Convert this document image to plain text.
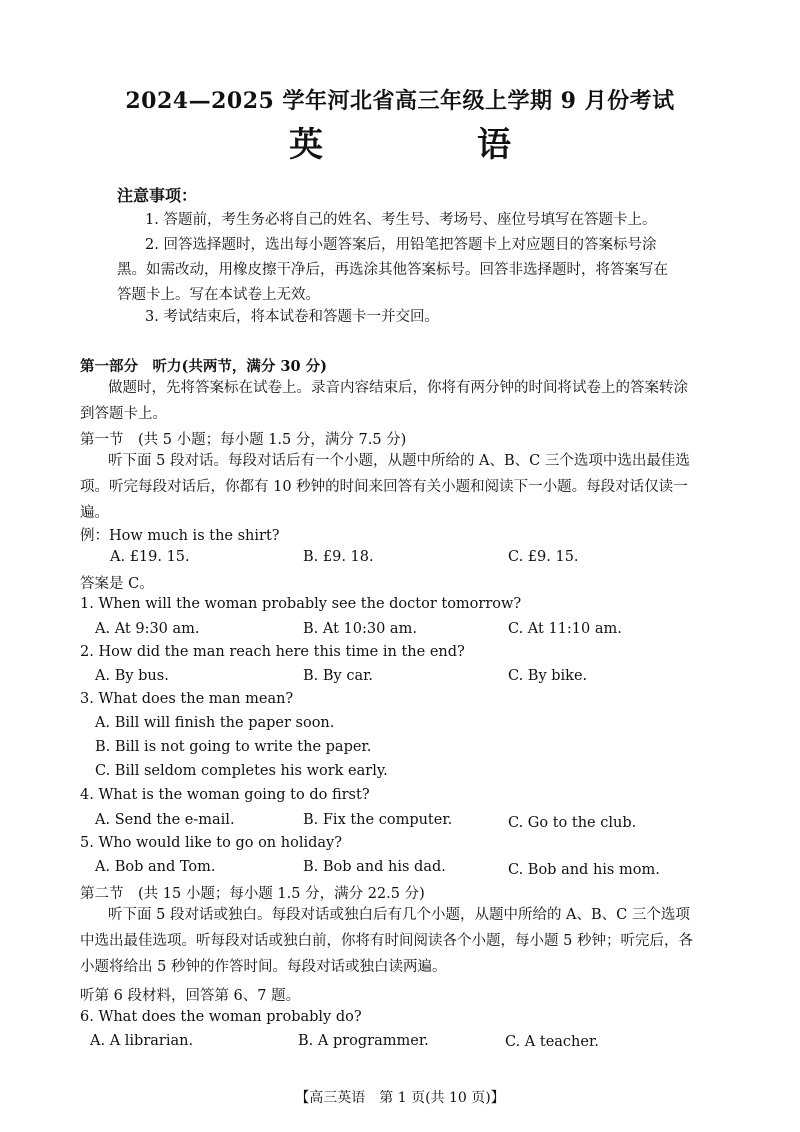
2024—2025 学年河北省高三年级上学期 9 月份考试
英　语
注意事项：

1. 答题前，考生务必将自己的姓名、考生号、考场号、座位号填写在答题卡上。

2. 回答选择题时，选出每小题答案后，用铅笔把答题卡上对应题目的答案标号涂黑。如需改动，用橡皮擦干净后，再选涂其他答案标号。回答非选择题时，将答案写在答题卡上。写在本试卷上无效。

3. 考试结束后，将本试卷和答题卡一并交回。

第一部分　听力(共两节，满分 30 分)

做题时，先将答案标在试卷上。录音内容结束后，你将有两分钟的时间将试卷上的答案转涂到答题卡上。

第一节　(共 5 小题；每小题 1.5 分，满分 7.5 分)

听下面 5 段对话。每段对话后有一个小题，从题中所给的 A、B、C 三个选项中选出最佳选项。听完每段对话后，你都有 10 秒钟的时间来回答有关小题和阅读下一小题。每段对话仅读一遍。

例：How much is the shirt?
A. £19. 15.	B. £9. 18.	C. £9. 15.
答案是 C。
1. When will the woman probably see the doctor tomorrow?
A. At 9:30 am.	B. At 10:30 am.	C. At 11:10 am.
2. How did the man reach here this time in the end?
A. By bus.	B. By car.	C. By bike.
3. What does the man mean?
A. Bill will finish the paper soon.
B. Bill is not going to write the paper.
C. Bill seldom completes his work early.
4. What is the woman going to do first?
A. Send the e-mail.	B. Fix the computer.	C. Go to the club.
5. Who would like to go on holiday?
A. Bob and Tom.	B. Bob and his dad.	C. Bob and his mom.
第二节　(共 15 小题；每小题 1.5 分，满分 22.5 分)

听下面 5 段对话或独白。每段对话或独白后有几个小题，从题中所给的 A、B、C 三个选项中选出最佳选项。听每段对话或独白前，你将有时间阅读各个小题，每小题 5 秒钟；听完后，各小题将给出 5 秒钟的作答时间。每段对话或独白读两遍。

听第 6 段材料，回答第 6、7 题。
6. What does the woman probably do?
A. A librarian.	B. A programmer.	C. A teacher.
【高三英语　第 1 页(共 10 页)】
